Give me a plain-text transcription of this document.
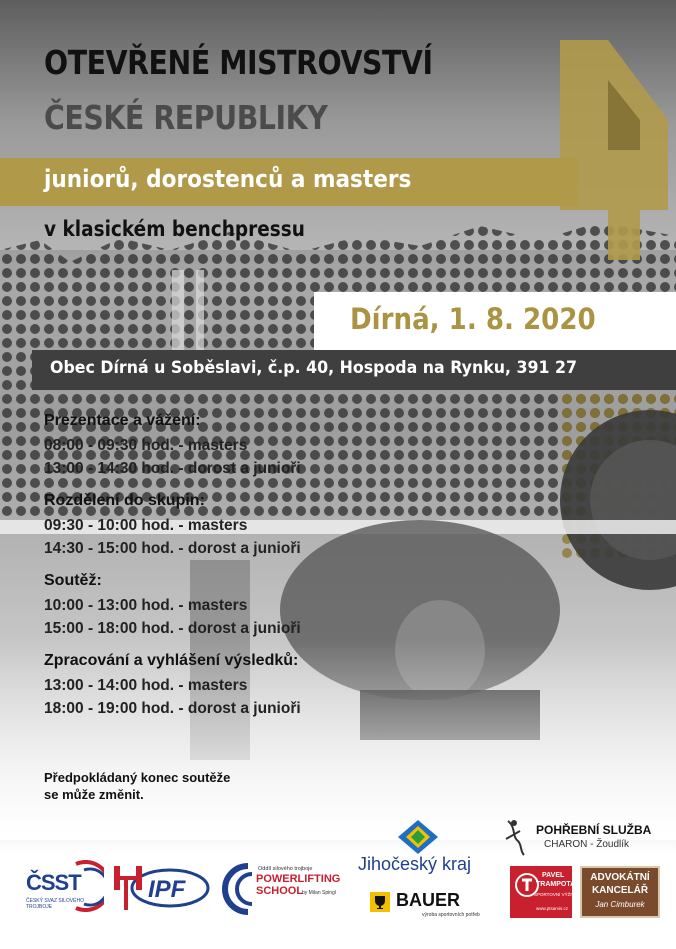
OTEVŘENÉ MISTROVSTVÍ
ČESKÉ REPUBLIKY
juniorů, dorostenců a masters
v klasickém benchpressu
Dírná, 1. 8. 2020
Obec Dírná u Soběslavi, č.p. 40, Hospoda na Rynku, 391 27
Prezentace a vážení:
08:00 - 09:30 hod. - masters
13:00 - 14:30 hod. - dorost a junioři
Rozdělení do skupin:
09:30 - 10:00 hod. - masters
14:30 - 15:00 hod. - dorost a junioři
Soutěž:
10:00 - 13:00 hod. - masters
15:00 - 18:00 hod. - dorost a junioři
Zpracování a vyhlášení výsledků:
13:00 - 14:00 hod. - masters
18:00 - 19:00 hod. - dorost a junioři
Předpokládaný konec soutěže
se může změnit.
ČSST
ČESKÝ SVAZ SILOVÉHO TROJBOJE
IPF
Oddíl silového trojboje
POWERLIFTING
SCHOOL
by Milan Spingl
Jihočeský kraj
BAUER
výroba sportovních potřeb
POHŘEBNÍ SLUŽBA
CHARON - Žoudlík
PAVEL
TRAMPOTA
SPORTOVNÍ VÝŽIVA
www.ptsarvis.cz
ADVOKÁTNÍ
KANCELÁŘ
Jan Cimburek
